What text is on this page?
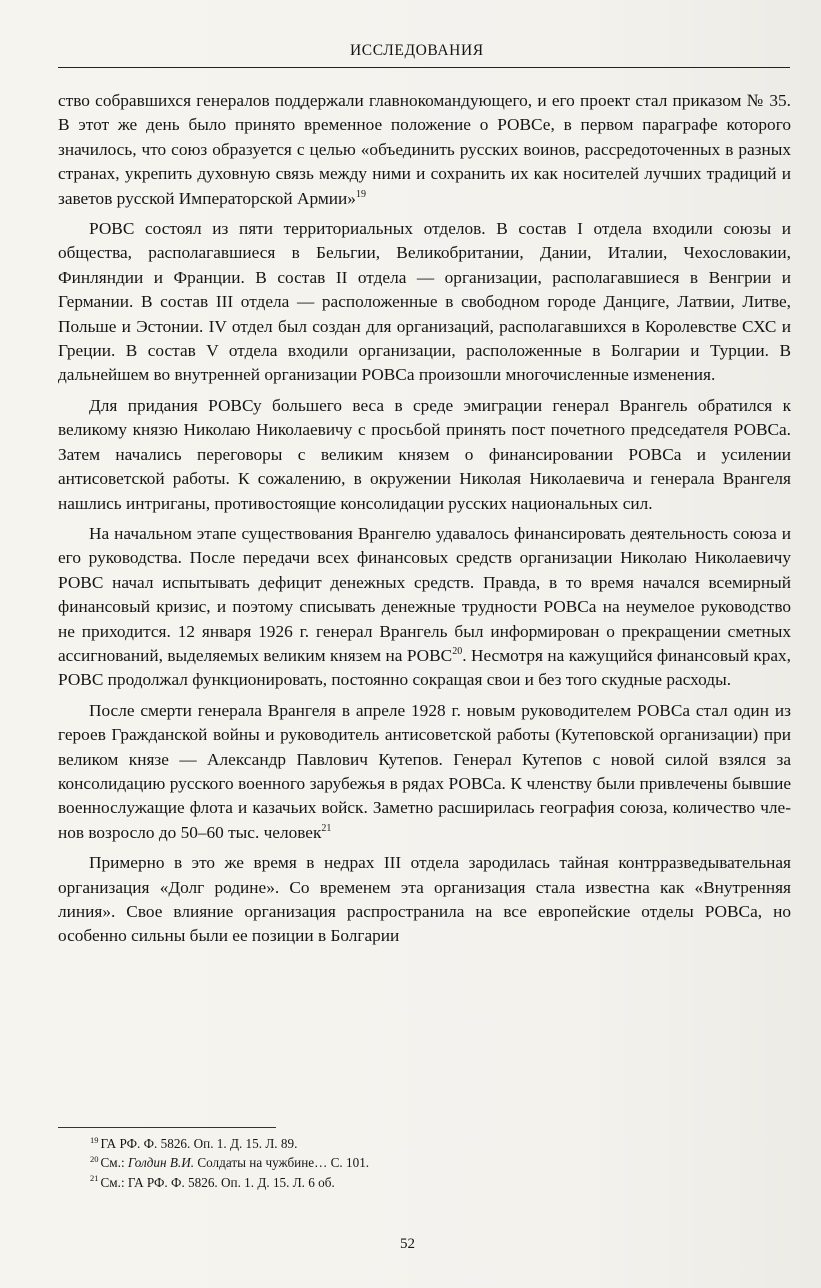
ИССЛЕДОВАНИЯ

ство собравшихся генералов поддержали главнокомандующего, и его проект стал приказом № 35. В этот же день было принято временное положение о РОВСе, в первом параграфе которого значилось, что союз образуется с целью «объединить русских воинов, рассредоточенных в разных странах, укрепить духовную связь между ними и сохранить их как носителей лучших традиций и заветов русской Императорской Армии»$^{19}$

РОВС состоял из пяти территориальных отделов. В состав I отдела входили союзы и общества, располагавшиеся в Бельгии, Великобритании, Дании, Италии, Чехословакии, Финляндии и Франции. В состав II отдела — организации, располагавшиеся в Венгрии и Германии. В состав III отдела — расположенные в свободном городе Данциге, Латвии, Литве, Польше и Эстонии. IV отдел был создан для организаций, располагавшихся в Королевстве СХС и Греции. В состав V отдела входили организации, расположенные в Болгарии и Турции. В дальнейшем во внутренней организации РОВСа произошли многочисленные изменения.

Для придания РОВСу большего веса в среде эмиграции генерал Врангель обратился к великому князю Николаю Николаевичу с просьбой принять пост почетного председателя РОВСа. Затем начались переговоры с великим князем о финансировании РОВСа и усилении антисоветской работы. К сожалению, в окружении Николая Николаевича и генерала Врангеля нашлись интриганы, противостоящие консолидации русских национальных сил.

На начальном этапе существования Врангелю удавалось финансировать деятельность союза и его руководства. После передачи всех финансовых средств организации Николаю Николаевичу РОВС начал испытывать дефицит денежных средств. Правда, в то время начался всемирный финансовый кризис, и поэтому списывать денежные трудности РОВСа на неумелое руководство не приходится. 12 января 1926 г. генерал Врангель был информирован о прекращении сметных ассигнований, выделяемых великим князем на РОВС$^{20}$. Несмотря на кажущийся финансовый крах, РОВС продолжал функционировать, постоянно сокращая свои и без того скудные расходы.

После смерти генерала Врангеля в апреле 1928 г. новым руководителем РОВСа стал один из героев Гражданской войны и руководитель антисоветской работы (Кутеповской организации) при великом князе — Александр Павлович Кутепов. Генерал Кутепов с новой силой взялся за консолидацию русского военного зарубежья в рядах РОВСа. К членству были привлечены бывшие военнослужащие флота и казачьих войск. Заметно расширилась география союза, количество членов возросло до 50–60 тыс. человек$^{21}$

Примерно в это же время в недрах III отдела зародилась тайная контрразведывательная организация «Долг родине». Со временем эта организация стала известна как «Внутренняя линия». Свое влияние организация распространила на все европейские отделы РОВСа, но особенно сильны были ее позиции в Болгарии

$^{19}$ ГА РФ. Ф. 5826. Оп. 1. Д. 15. Л. 89.
$^{20}$ См.: Голдин В.И. Солдаты на чужбине… С. 101.
$^{21}$ См.: ГА РФ. Ф. 5826. Оп. 1. Д. 15. Л. 6 об.
52
